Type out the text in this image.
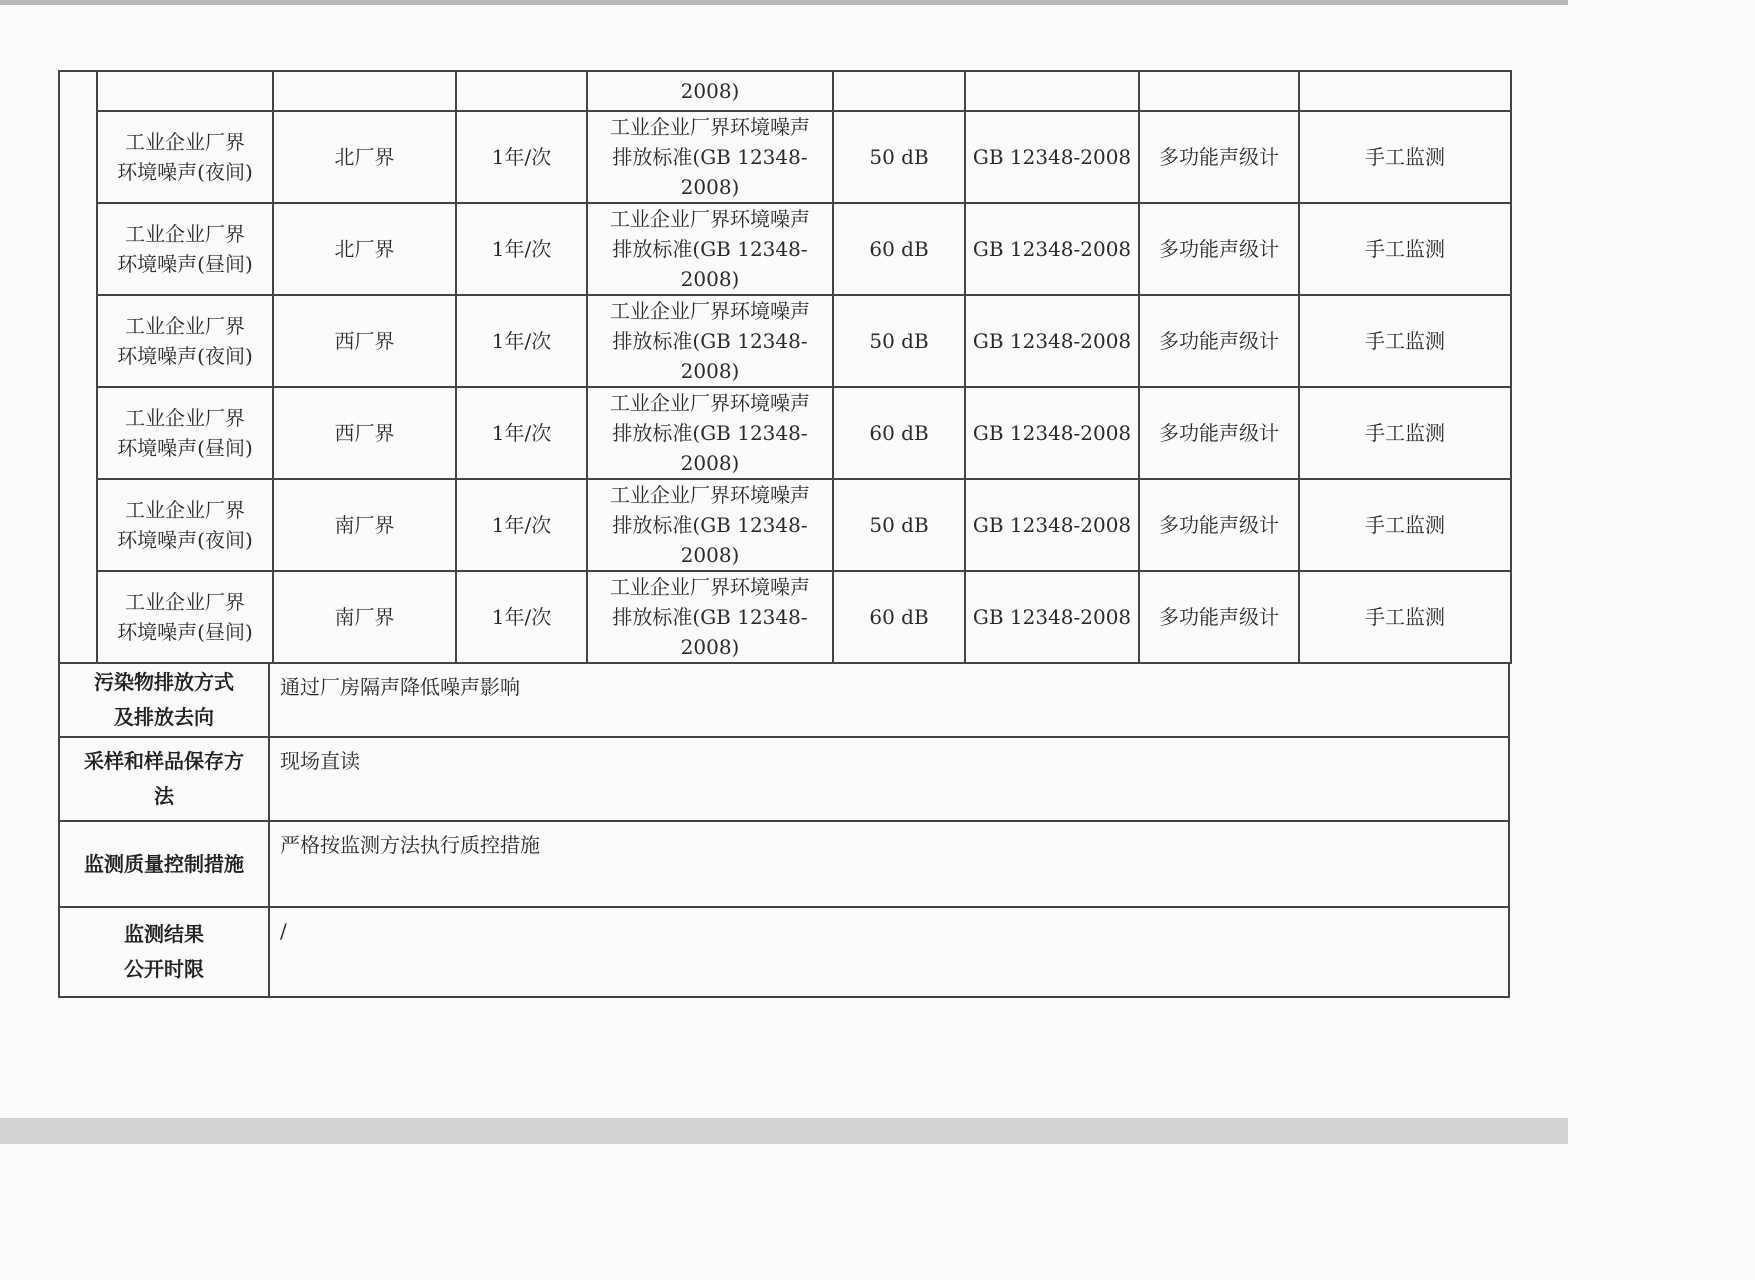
				2008)				
	工业企业厂界
环境噪声(夜间)	北厂界	1年/次	工业企业厂界环境噪声
排放标准(GB 12348-
2008)	50 dB	GB 12348-2008	多功能声级计	手工监测
	工业企业厂界
环境噪声(昼间)	北厂界	1年/次	工业企业厂界环境噪声
排放标准(GB 12348-
2008)	60 dB	GB 12348-2008	多功能声级计	手工监测
	工业企业厂界
环境噪声(夜间)	西厂界	1年/次	工业企业厂界环境噪声
排放标准(GB 12348-
2008)	50 dB	GB 12348-2008	多功能声级计	手工监测
	工业企业厂界
环境噪声(昼间)	西厂界	1年/次	工业企业厂界环境噪声
排放标准(GB 12348-
2008)	60 dB	GB 12348-2008	多功能声级计	手工监测
	工业企业厂界
环境噪声(夜间)	南厂界	1年/次	工业企业厂界环境噪声
排放标准(GB 12348-
2008)	50 dB	GB 12348-2008	多功能声级计	手工监测
	工业企业厂界
环境噪声(昼间)	南厂界	1年/次	工业企业厂界环境噪声
排放标准(GB 12348-
2008)	60 dB	GB 12348-2008	多功能声级计	手工监测
污染物排放方式
及排放去向	通过厂房隔声降低噪声影响
采样和样品保存方
法	现场直读
监测质量控制措施	严格按监测方法执行质控措施
监测结果
公开时限	/
